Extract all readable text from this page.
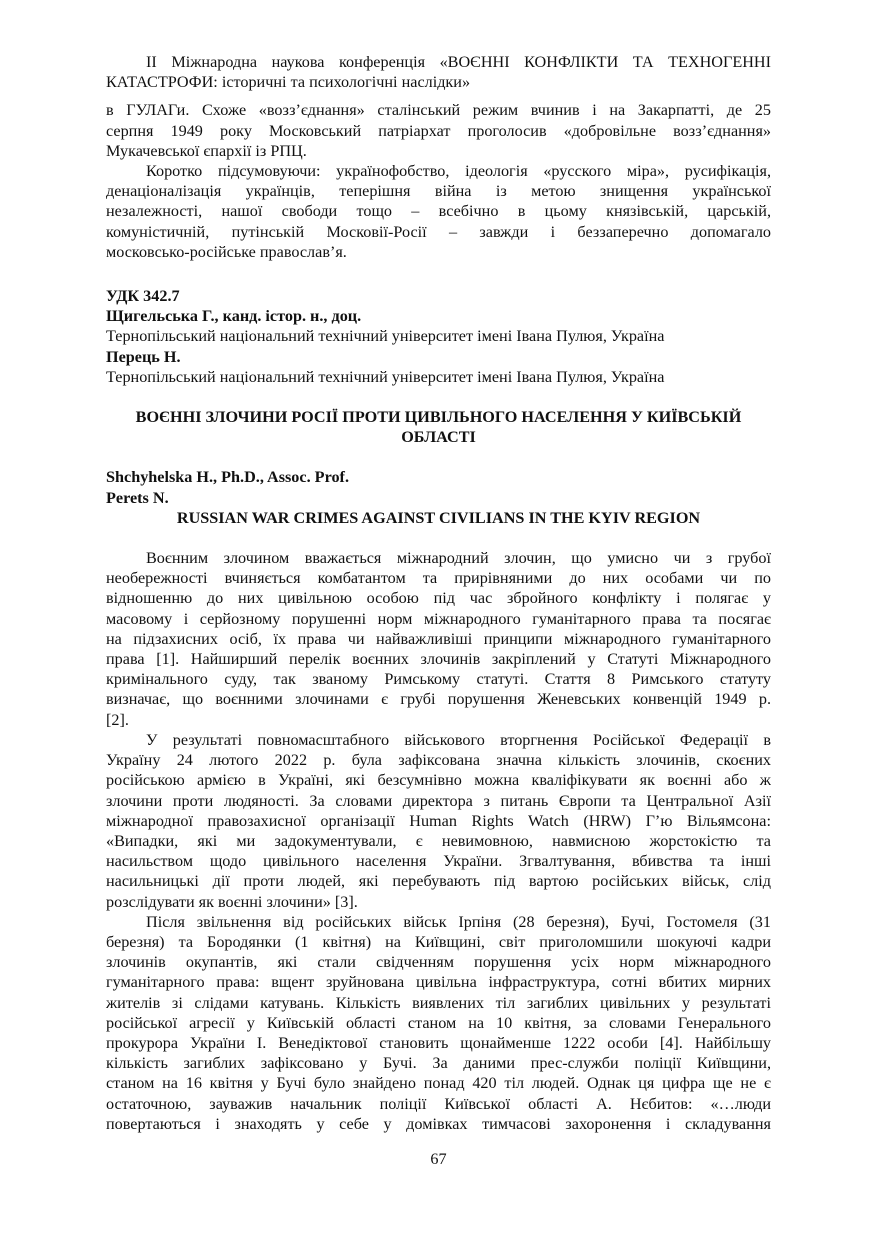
II Міжнародна наукова конференція «ВОЄННІ КОНФЛІКТИ ТА ТЕХНОГЕННІ
КАТАСТРОФИ: історичні та психологічні наслідки»
в ГУЛАГи. Схоже «возз’єднання» сталінський режим вчинив і на Закарпатті, де 25
серпня 1949 року Московський патріархат проголосив «добровільне возз’єднання»
Мукачевської єпархії із РПЦ.
Коротко підсумовуючи: українофобство, ідеологія «русского міра», русифікація,
денаціоналізація українців, теперішня війна із метою знищення української
незалежності, нашої свободи тощо – всебічно в цьому князівській, царській,
комуністичній, путінській Московії-Росії – завжди і беззаперечно допомагало
московсько-російське православ’я.
УДК 342.7
Щигельська Г., канд. істор. н., доц.
Тернопільський національний технічний університет імені Івана Пулюя, Україна
Перець Н.
Тернопільський національний технічний університет імені Івана Пулюя, Україна
ВОЄННІ ЗЛОЧИНИ РОСІЇ ПРОТИ ЦИВІЛЬНОГО НАСЕЛЕННЯ У КИЇВСЬКІЙ
ОБЛАСТІ
Shchyhelska H., Ph.D., Assoc. Prof.
Perets N.
RUSSIAN WAR CRIMES AGAINST CIVILIANS IN THE KYIV REGION
Воєнним злочином вважається міжнародний злочин, що умисно чи з грубої
необережності вчиняється комбатантом та прирівняними до них особами чи по
відношенню до них цивільною особою під час збройного конфлікту і полягає у
масовому і серйозному порушенні норм міжнародного гуманітарного права та посягає
на підзахисних осіб, їх права чи найважливіші принципи міжнародного гуманітарного
права [1]. Найширший перелік воєнних злочинів закріплений у Статуті Міжнародного
кримінального суду, так званому Римському статуті. Стаття 8 Римського статуту
визначає, що воєнними злочинами є грубі порушення Женевських конвенцій 1949 р.
[2].
У результаті повномасштабного військового вторгнення Російської Федерації в
Україну 24 лютого 2022 р. була зафіксована значна кількість злочинів, скоєних
російською армією в Україні, які безсумнівно можна кваліфікувати як воєнні або ж
злочини проти людяності. За словами директора з питань Європи та Центральної Азії
міжнародної правозахисної організації Human Rights Watch (HRW) Г’ю Вільямсона:
«Випадки, які ми задокументували, є невимовною, навмисною жорстокістю та
насильством щодо цивільного населення України. Згвалтування, вбивства та інші
насильницькі дії проти людей, які перебувають під вартою російських військ, слід
розслідувати як воєнні злочини» [3].
Після звільнення від російських військ Ірпіня (28 березня), Бучі, Гостомеля (31
березня) та Бородянки (1 квітня) на Київщині, світ приголомшили шокуючі кадри
злочинів окупантів, які стали свідченням порушення усіх норм міжнародного
гуманітарного права: вщент зруйнована цивільна інфраструктура, сотні вбитих мирних
жителів зі слідами катувань. Кількість виявлених тіл загиблих цивільних у результаті
російської агресії у Київській області станом на 10 квітня, за словами Генерального
прокурора України І. Венедіктової становить щонайменше 1222 особи [4]. Найбільшу
кількість загиблих зафіксовано у Бучі. За даними прес-служби поліції Київщини,
станом на 16 квітня у Бучі було знайдено понад 420 тіл людей. Однак ця цифра ще не є
остаточною, зауважив начальник поліції Київської області А. Нєбитов: «…люди
повертаються і знаходять у себе у домівках тимчасові захоронення і складування
67
